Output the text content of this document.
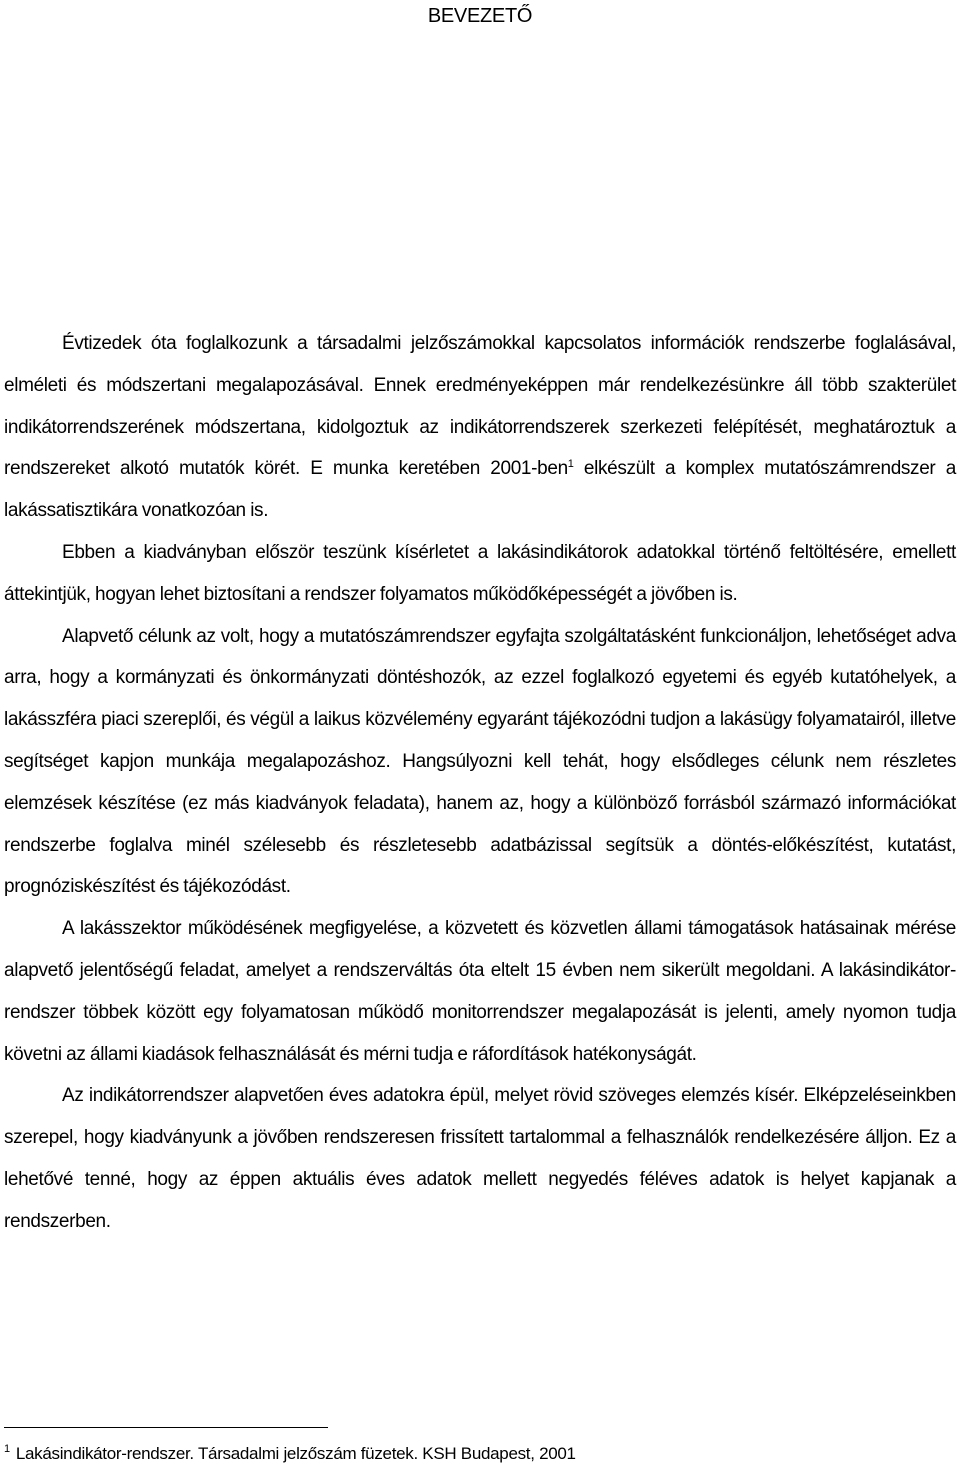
BEVEZETŐ

Évtizedek óta foglalkozunk a társadalmi jelzőszámokkal kapcsolatos információk rendszerbe foglalásával, elméleti és módszertani megalapozásával. Ennek eredményeképpen már rendelkezésünkre áll több szakterület indikátorrendszerének módszertana, kidolgoztuk az indikátorrendszerek szerkezeti felépítését, meghatároztuk a rendszereket alkotó mutatók körét. E munka keretében 2001-ben$^1$ elkészült a komplex mutatószámrendszer a lakássatisztikára vonatkozóan is.

Ebben a kiadványban először teszünk kísérletet a lakásindikátorok adatokkal történő feltöltésére, emellett áttekintjük, hogyan lehet biztosítani a rendszer folyamatos működőképességét a jövőben is.

Alapvető célunk az volt, hogy a mutatószámrendszer egyfajta szolgáltatásként funkcionáljon, lehetőséget adva arra, hogy a kormányzati és önkormányzati döntéshozók, az ezzel foglalkozó egyetemi és egyéb kutatóhelyek, a lakásszféra piaci szereplői, és végül a laikus közvélemény egyaránt tájékozódni tudjon a lakásügy folyamatairól, illetve segítséget kapjon munkája megalapozáshoz. Hangsúlyozni kell tehát, hogy elsődleges célunk nem részletes elemzések készítése (ez más kiadványok feladata), hanem az, hogy a különböző forrásból származó információkat rendszerbe foglalva minél szélesebb és részletesebb adatbázissal segítsük a döntés-előkészítést, kutatást, prognóziskészítést és tájékozódást.

A lakásszektor működésének megfigyelése, a közvetett és közvetlen állami támogatások hatásainak mérése alapvető jelentőségű feladat, amelyet a rendszerváltás óta eltelt 15 évben nem sikerült megoldani. A lakásindikátor-rendszer többek között egy folyamatosan működő monitorrendszer megalapozását is jelenti, amely nyomon tudja követni az állami kiadások felhasználását és mérni tudja e ráfordítások hatékonyságát.

Az indikátorrendszer alapvetően éves adatokra épül, melyet rövid szöveges elemzés kísér. Elképzeléseinkben szerepel, hogy kiadványunk a jövőben rendszeresen frissített tartalommal a felhasználók rendelkezésére álljon. Ez a lehetővé tenné, hogy az éppen aktuális éves adatok mellett negyedés féléves adatok is helyet kapjanak a rendszerben.

$^1$ Lakásindikátor-rendszer. Társadalmi jelzőszám füzetek. KSH Budapest, 2001
